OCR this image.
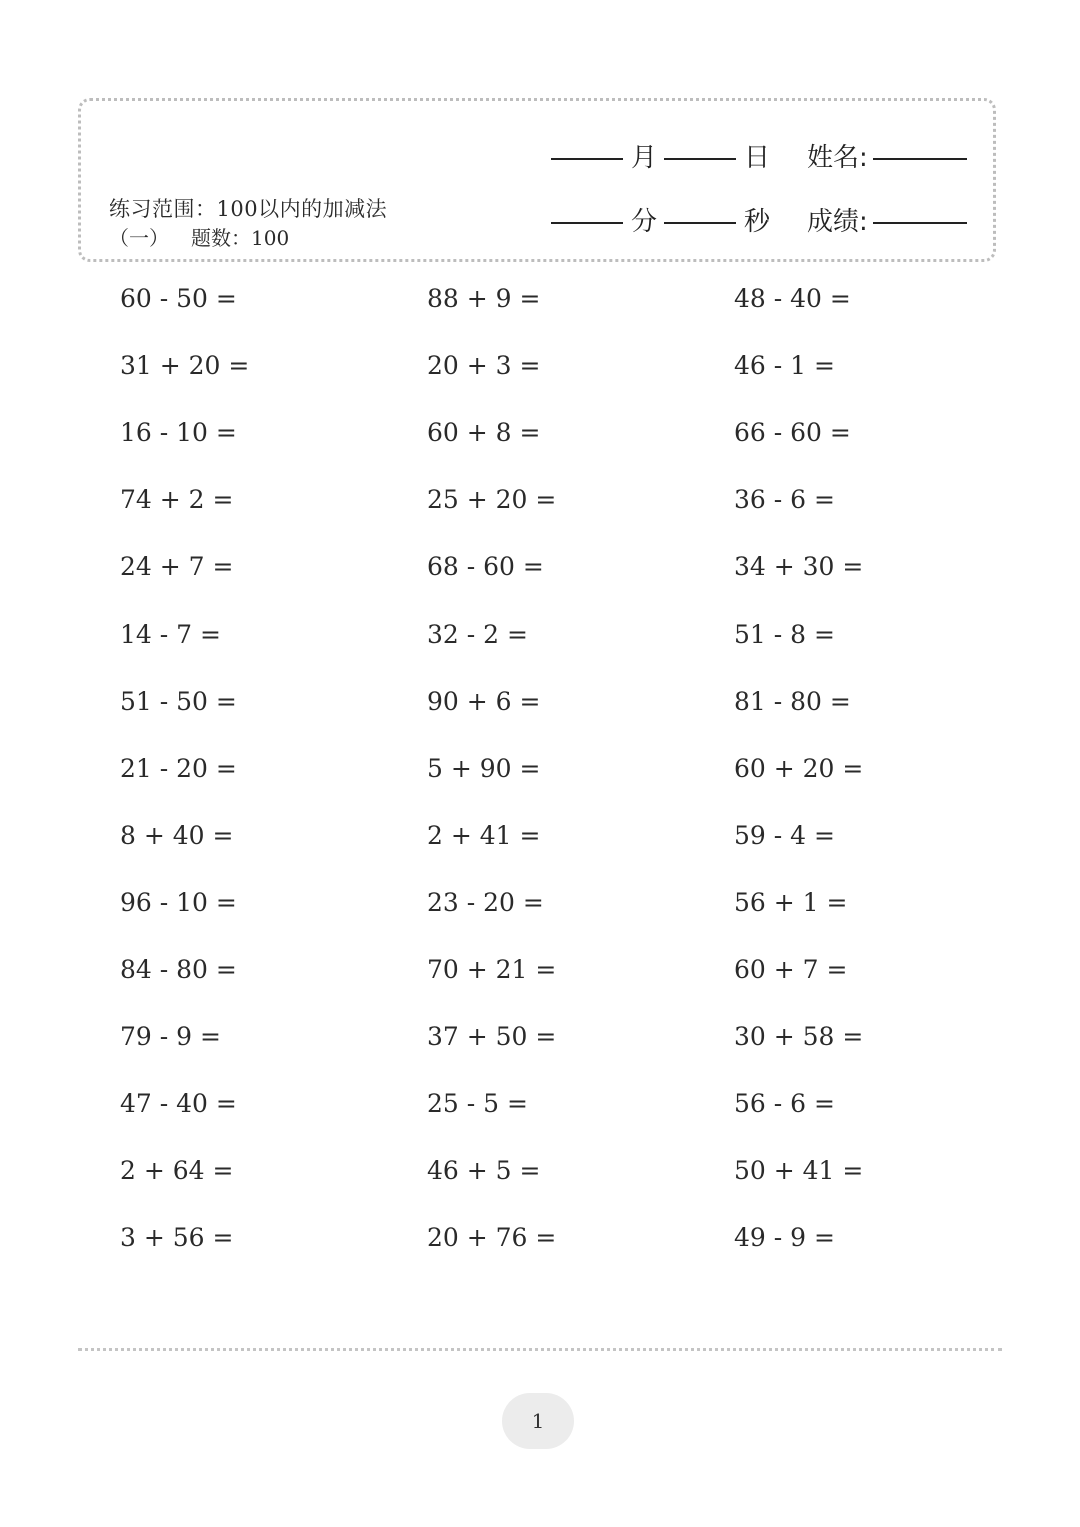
练习范围：100以内的加减法
（一） 题数：100
月	日 姓名:
分	秒 成绩:
60 - 50 =	88 + 9 =	48 - 40 =
31 + 20 =	20 + 3 =	46 - 1 =
16 - 10 =	60 + 8 =	66 - 60 =
74 + 2 =	25 + 20 =	36 - 6 =
24 + 7 =	68 - 60 =	34 + 30 =
14 - 7 =	32 - 2 =	51 - 8 =
51 - 50 =	90 + 6 =	81 - 80 =
21 - 20 =	5 + 90 =	60 + 20 =
8 + 40 =	2 + 41 =	59 - 4 =
96 - 10 =	23 - 20 =	56 + 1 =
84 - 80 =	70 + 21 =	60 + 7 =
79 - 9 =	37 + 50 =	30 + 58 =
47 - 40 =	25 - 5 =	56 - 6 =
2 + 64 =	46 + 5 =	50 + 41 =
3 + 56 =	20 + 76 =	49 - 9 =
1
